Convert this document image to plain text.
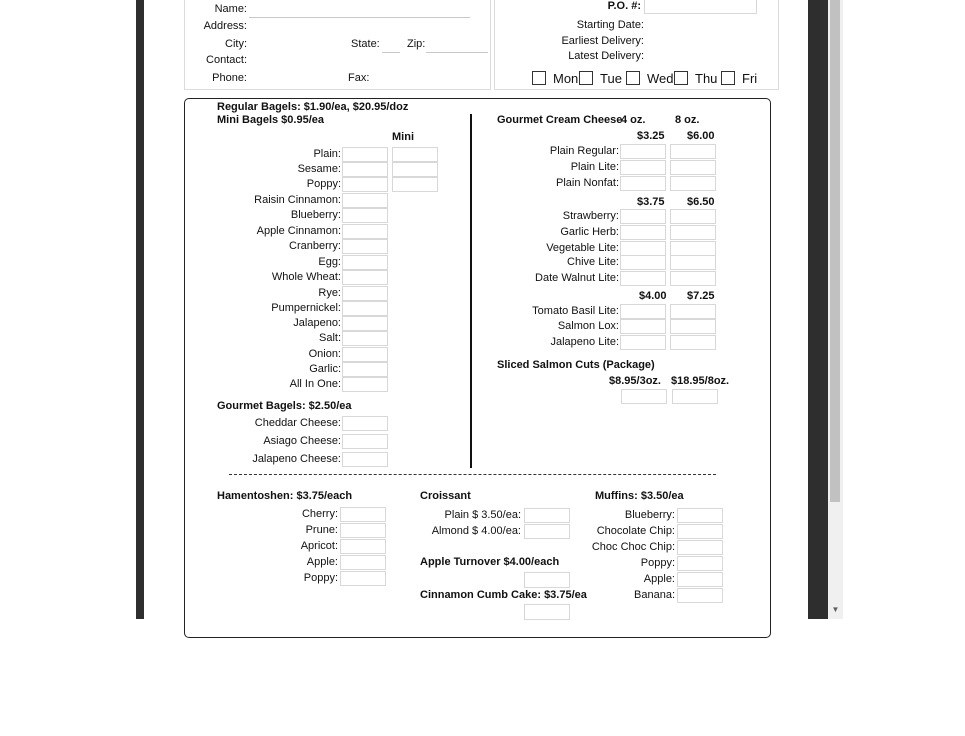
Name:
Address:
City:	State: Zip:
Contact:
Phone:	Fax:
P.O. #:
Starting Date:
Earliest Delivery:
Latest Delivery:
Mon Tue Wed Thu Fri
Regular Bagels: $1.90/ea, $20.95/doz
Mini Bagels $0.95/ea
Mini
Plain:
Sesame:
Poppy:
Raisin Cinnamon:
Blueberry:
Apple Cinnamon:
Cranberry:
Egg:
Whole Wheat:
Rye:
Pumpernickel:
Jalapeno:
Salt:
Onion:
Garlic:
All In One:
Gourmet Bagels: $2.50/ea
Cheddar Cheese:
Asiago Cheese:
Jalapeno Cheese:
Gourmet Cream Cheese
4 oz.	8 oz.
$3.25 $6.00
Plain Regular:
Plain Lite:
Plain Nonfat:
$3.75 $6.50
Strawberry:
Garlic Herb:
Vegetable Lite:
Chive Lite:
Date Walnut Lite:
$4.00 $7.25
Tomato Basil Lite:
Salmon Lox:
Jalapeno Lite:
Sliced Salmon Cuts (Package)
$8.95/3oz. $18.95/8oz.
Hamentoshen: $3.75/each
Cherry:
Prune:
Apricot:
Apple:
Poppy:
Croissant
Plain $ 3.50/ea:
Almond $ 4.00/ea:
Apple Turnover $4.00/each
Cinnamon Cumb Cake: $3.75/ea
Muffins: $3.50/ea
Blueberry:
Chocolate Chip:
Choc Choc Chip:
Poppy:
Apple:
Banana:
▼
